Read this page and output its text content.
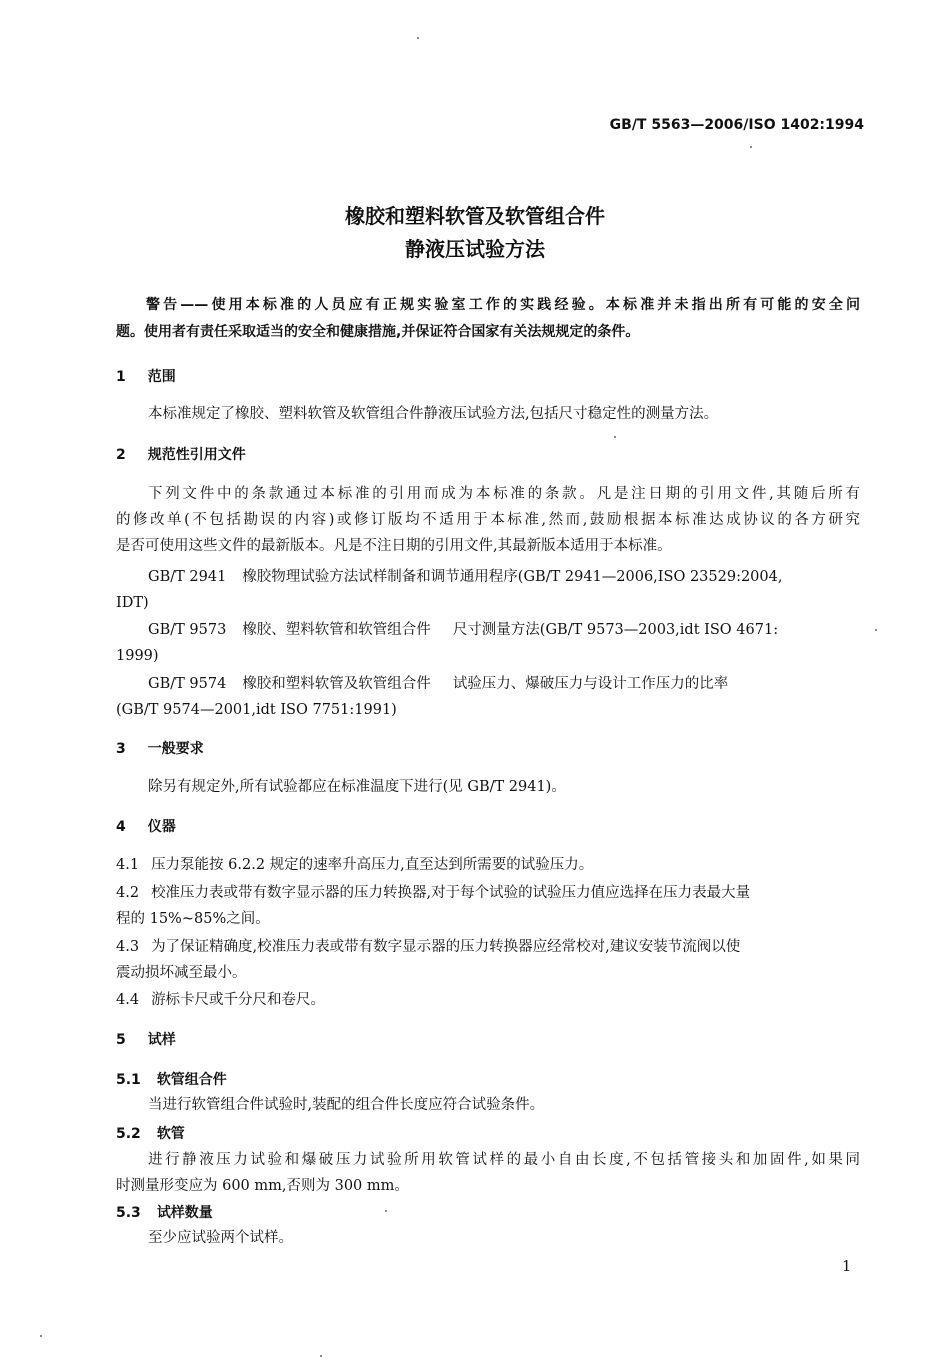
GB/T 5563—2006/ISO 1402:1994
橡胶和塑料软管及软管组合件
静液压试验方法
警告——使用本标准的人员应有正规实验室工作的实践经验。本标准并未指出所有可能的安全问
题。使用者有责任采取适当的安全和健康措施,并保证符合国家有关法规规定的条件。
1 范围
本标准规定了橡胶、塑料软管及软管组合件静液压试验方法,包括尺寸稳定性的测量方法。
2 规范性引用文件
下列文件中的条款通过本标准的引用而成为本标准的条款。凡是注日期的引用文件,其随后所有
的修改单(不包括勘误的内容)或修订版均不适用于本标准,然而,鼓励根据本标准达成协议的各方研究
是否可使用这些文件的最新版本。凡是不注日期的引用文件,其最新版本适用于本标准。
GB/T 2941 橡胶物理试验方法试样制备和调节通用程序(GB/T 2941—2006,ISO 23529:2004,
IDT)
GB/T 9573 橡胶、塑料软管和软管组合件 尺寸测量方法(GB/T 9573—2003,idt ISO 4671:
1999)
GB/T 9574 橡胶和塑料软管及软管组合件 试验压力、爆破压力与设计工作压力的比率
(GB/T 9574—2001,idt ISO 7751:1991)
3 一般要求
除另有规定外,所有试验都应在标准温度下进行(见 GB/T 2941)。
4 仪器
4.1 压力泵能按 6.2.2 规定的速率升高压力,直至达到所需要的试验压力。
4.2 校准压力表或带有数字显示器的压力转换器,对于每个试验的试验压力值应选择在压力表最大量
程的 15%~85%之间。
4.3 为了保证精确度,校准压力表或带有数字显示器的压力转换器应经常校对,建议安装节流阀以使
震动损坏减至最小。
4.4 游标卡尺或千分尺和卷尺。
5 试样
5.1 软管组合件
当进行软管组合件试验时,装配的组合件长度应符合试验条件。
5.2 软管
进行静液压力试验和爆破压力试验所用软管试样的最小自由长度,不包括管接头和加固件,如果同
时测量形变应为 600 mm,否则为 300 mm。
5.3 试样数量
至少应试验两个试样。
1
